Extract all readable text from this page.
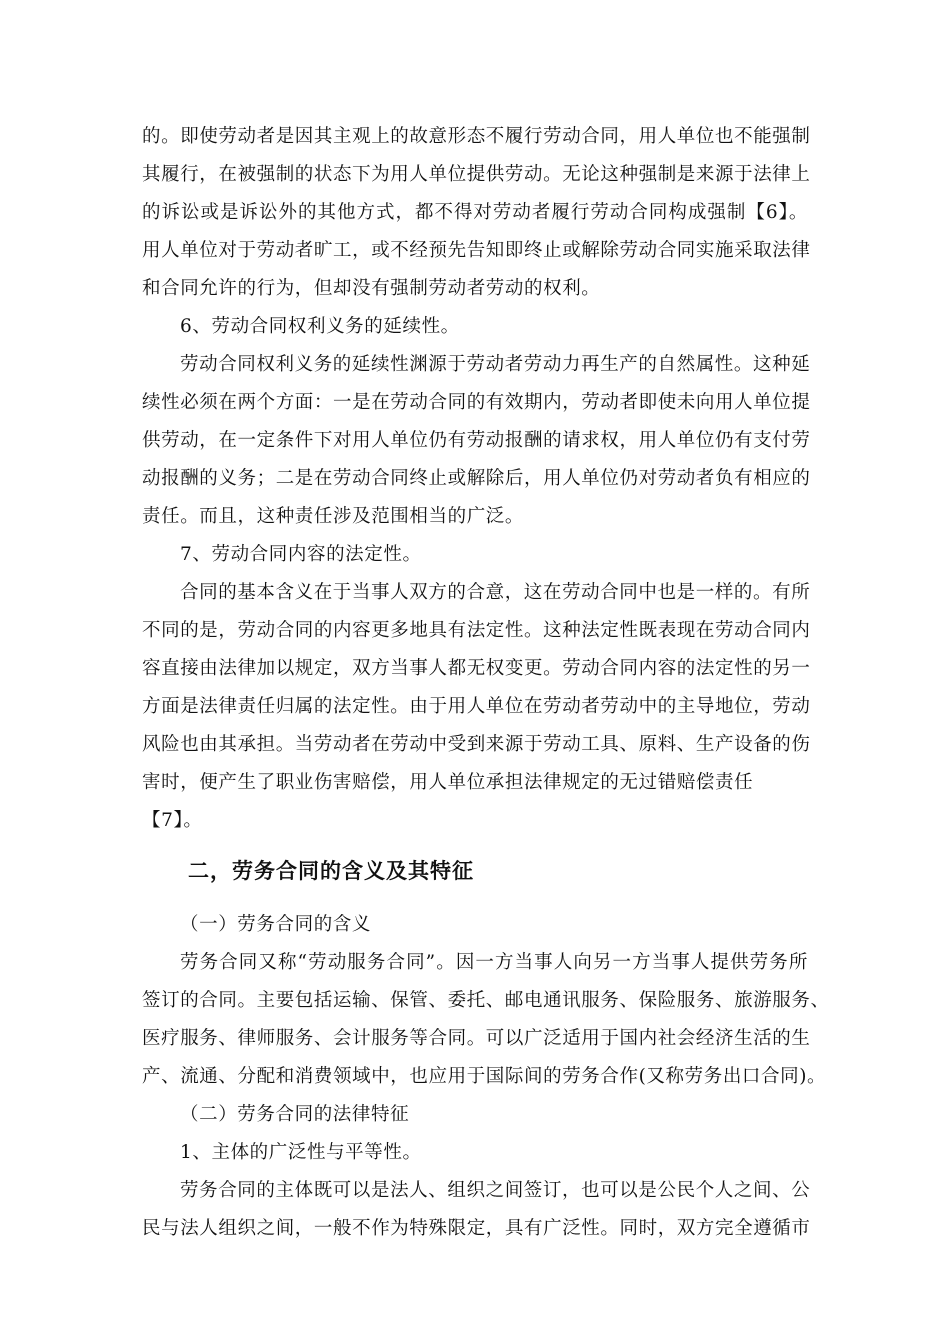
的。即使劳动者是因其主观上的故意形态不履行劳动合同，用人单位也不能强制
其履行，在被强制的状态下为用人单位提供劳动。无论这种强制是来源于法律上
的诉讼或是诉讼外的其他方式，都不得对劳动者履行劳动合同构成强制【6】。
用人单位对于劳动者旷工，或不经预先告知即终止或解除劳动合同实施采取法律
和合同允许的行为，但却没有强制劳动者劳动的权利。
6、劳动合同权利义务的延续性。
劳动合同权利义务的延续性渊源于劳动者劳动力再生产的自然属性。这种延
续性必须在两个方面：一是在劳动合同的有效期内，劳动者即使未向用人单位提
供劳动，在一定条件下对用人单位仍有劳动报酬的请求权，用人单位仍有支付劳
动报酬的义务；二是在劳动合同终止或解除后，用人单位仍对劳动者负有相应的
责任。而且，这种责任涉及范围相当的广泛。
7、劳动合同内容的法定性。
合同的基本含义在于当事人双方的合意，这在劳动合同中也是一样的。有所
不同的是，劳动合同的内容更多地具有法定性。这种法定性既表现在劳动合同内
容直接由法律加以规定，双方当事人都无权变更。劳动合同内容的法定性的另一
方面是法律责任归属的法定性。由于用人单位在劳动者劳动中的主导地位，劳动
风险也由其承担。当劳动者在劳动中受到来源于劳动工具、原料、生产设备的伤
害时，便产生了职业伤害赔偿，用人单位承担法律规定的无过错赔偿责任
【7】。
二，劳务合同的含义及其特征
（一）劳务合同的含义
劳务合同又称“劳动服务合同”。因一方当事人向另一方当事人提供劳务所
签订的合同。主要包括运输、保管、委托、邮电通讯服务、保险服务、旅游服务、
医疗服务、律师服务、会计服务等合同。可以广泛适用于国内社会经济生活的生
产、流通、分配和消费领域中，也应用于国际间的劳务合作(又称劳务出口合同)。
（二）劳务合同的法律特征
1、主体的广泛性与平等性。
劳务合同的主体既可以是法人、组织之间签订，也可以是公民个人之间、公
民与法人组织之间，一般不作为特殊限定，具有广泛性。同时，双方完全遵循市
